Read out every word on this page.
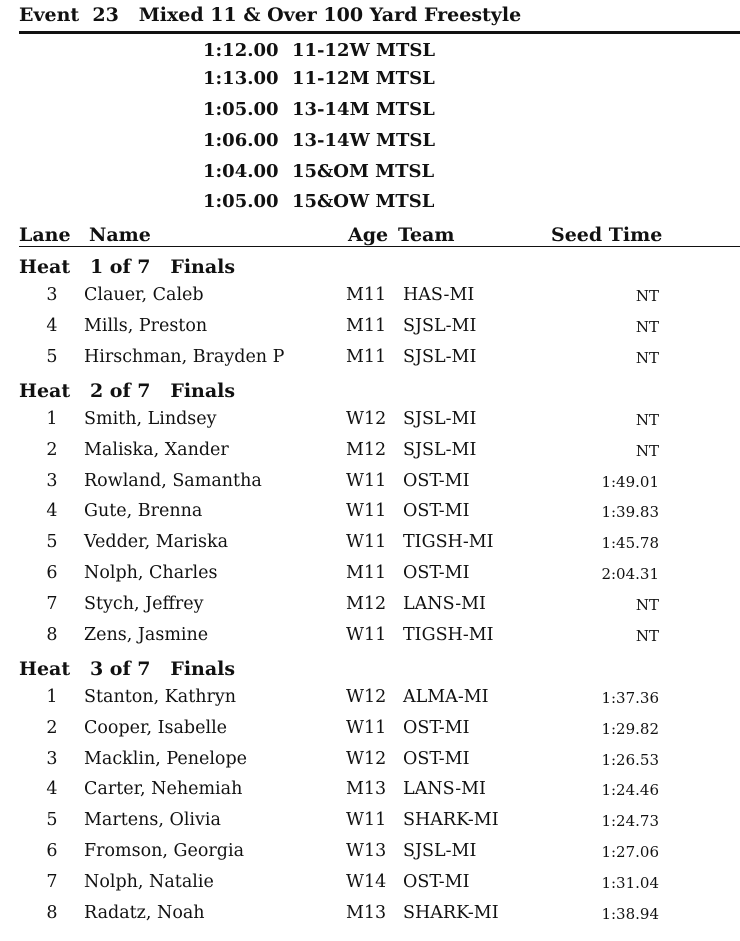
Event  23   Mixed 11 & Over 100 Yard Freestyle
1:12.00 11-12W MTSL
1:13.00 11-12M MTSL
1:05.00 13-14M MTSL
1:06.00 13-14W MTSL
1:04.00 15&OM MTSL
1:05.00 15&OW MTSL
Lane Name	Age Team	Seed Time
Heat   1 of 7   Finals
3 Clauer, Caleb	M11 HAS-MI	NT
4 Mills, Preston	M11 SJSL-MI	NT
5 Hirschman, Brayden P	M11 SJSL-MI	NT
Heat   2 of 7   Finals
1 Smith, Lindsey	W12 SJSL-MI	NT
2 Maliska, Xander	M12 SJSL-MI	NT
3 Rowland, Samantha	W11 OST-MI	1:49.01
4 Gute, Brenna	W11 OST-MI	1:39.83
5 Vedder, Mariska	W11 TIGSH-MI	1:45.78
6 Nolph, Charles	M11 OST-MI	2:04.31
7 Stych, Jeffrey	M12 LANS-MI	NT
8 Zens, Jasmine	W11 TIGSH-MI	NT
Heat   3 of 7   Finals
1 Stanton, Kathryn	W12 ALMA-MI	1:37.36
2 Cooper, Isabelle	W11 OST-MI	1:29.82
3 Macklin, Penelope	W12 OST-MI	1:26.53
4 Carter, Nehemiah	M13 LANS-MI	1:24.46
5 Martens, Olivia	W11 SHARK-MI	1:24.73
6 Fromson, Georgia	W13 SJSL-MI	1:27.06
7 Nolph, Natalie	W14 OST-MI	1:31.04
8 Radatz, Noah	M13 SHARK-MI	1:38.94
